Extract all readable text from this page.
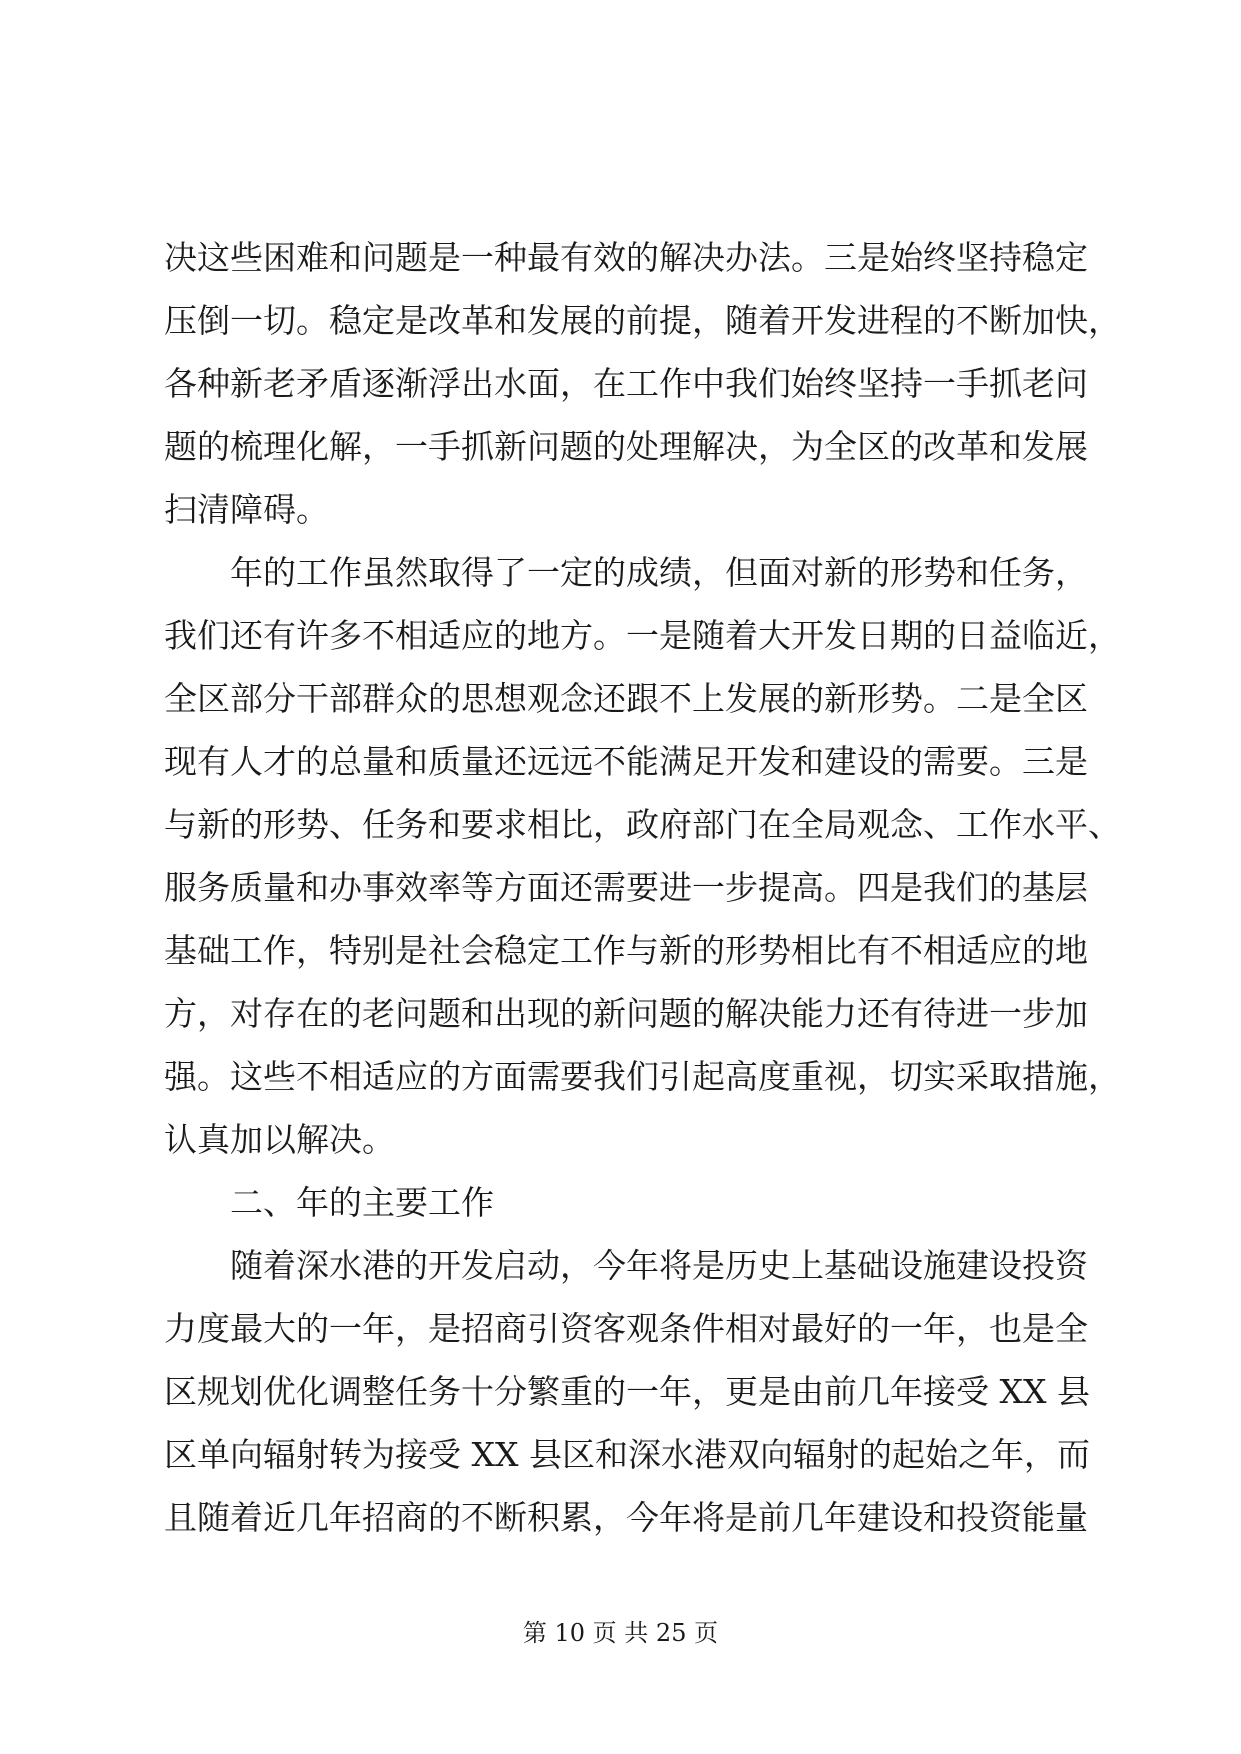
决这些困难和问题是一种最有效的解决办法。三是始终坚持稳定
压倒一切。稳定是改革和发展的前提，随着开发进程的不断加快，
各种新老矛盾逐渐浮出水面，在工作中我们始终坚持一手抓老问
题的梳理化解，一手抓新问题的处理解决，为全区的改革和发展
扫清障碍。
年的工作虽然取得了一定的成绩，但面对新的形势和任务，
我们还有许多不相适应的地方。一是随着大开发日期的日益临近，
全区部分干部群众的思想观念还跟不上发展的新形势。二是全区
现有人才的总量和质量还远远不能满足开发和建设的需要。三是
与新的形势、任务和要求相比，政府部门在全局观念、工作水平、
服务质量和办事效率等方面还需要进一步提高。四是我们的基层
基础工作，特别是社会稳定工作与新的形势相比有不相适应的地
方，对存在的老问题和出现的新问题的解决能力还有待进一步加
强。这些不相适应的方面需要我们引起高度重视，切实采取措施，
认真加以解决。
二、年的主要工作
随着深水港的开发启动，今年将是历史上基础设施建设投资
力度最大的一年，是招商引资客观条件相对最好的一年，也是全
区规划优化调整任务十分繁重的一年，更是由前几年接受 XX 县
区单向辐射转为接受 XX 县区和深水港双向辐射的起始之年，而
且随着近几年招商的不断积累，今年将是前几年建设和投资能量
第 10 页 共 25 页
